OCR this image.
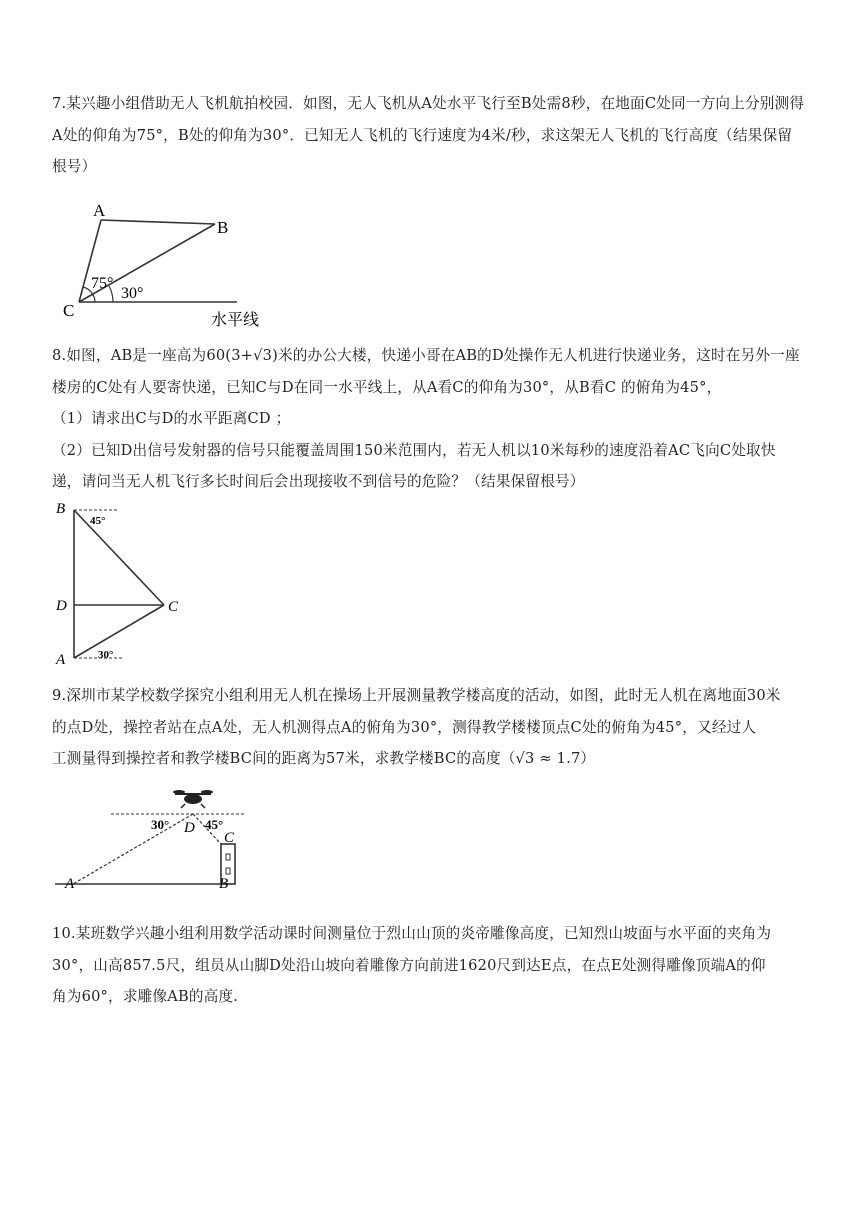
7.某兴趣小组借助无人飞机航拍校园．如图，无人飞机从A处水平飞行至B处需8秒，在地面C处同一方向上分别测得

A处的仰角为75°，B处的仰角为30°．已知无人飞机的飞行速度为4米/秒，求这架无人飞机的飞行高度（结果保留

根号）

A
B
C
75°
30°
水平线

8.如图，AB是一座高为60(3+√3)米的办公大楼，快递小哥在AB的D处操作无人机进行快递业务，这时在另外一座

楼房的C处有人要寄快递，已知C与D在同一水平线上，从A看C的仰角为30°，从B看C 的俯角为45°，

（1）请求出C与D的水平距离CD ；

（2）已知D出信号发射器的信号只能覆盖周围150米范围内，若无人机以10米每秒的速度沿着AC飞向C处取快

递，请问当无人机飞行多长时间后会出现接收不到信号的危险？（结果保留根号）

B
D	C
A
45°
30°

9.深圳市某学校数学探究小组利用无人机在操场上开展测量教学楼高度的活动，如图，此时无人机在离地面30米

的点D处，操控者站在点A处，无人机测得点A的俯角为30°，测得教学楼楼顶点C处的俯角为45°，又经过人

工测量得到操控者和教学楼BC间的距离为57米，求教学楼BC的高度（√3 ≈ 1.7）

30°	45°
D
C
A	B

10.某班数学兴趣小组利用数学活动课时间测量位于烈山山顶的炎帝雕像高度，已知烈山坡面与水平面的夹角为

30°，山高857.5尺，组员从山脚D处沿山坡向着雕像方向前进1620尺到达E点，在点E处测得雕像顶端A的仰

角为60°，求雕像AB的高度.
